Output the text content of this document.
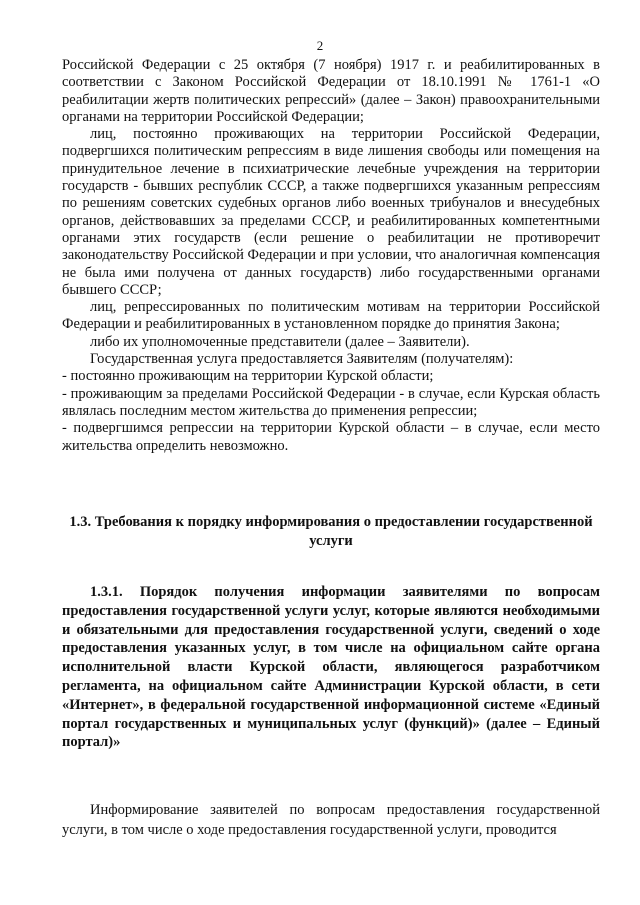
2

Российской Федерации с 25 октября (7 ноября) 1917 г. и реабилитированных в соответствии с Законом Российской Федерации от 18.10.1991 № 1761-1 «О реабилитации жертв политических репрессий» (далее – Закон) правоохранительными органами на территории Российской Федерации;

лиц, постоянно проживающих на территории Российской Федерации, подвергшихся политическим репрессиям в виде лишения свободы или помещения на принудительное лечение в психиатрические лечебные учреждения на территории государств - бывших республик СССР, а также подвергшихся указанным репрессиям по решениям советских судебных органов либо военных трибуналов и внесудебных органов, действовавших за пределами СССР, и реабилитированных компетентными органами этих государств (если решение о реабилитации не противоречит законодательству Российской Федерации и при условии, что аналогичная компенсация не была ими получена от данных государств) либо государственными органами бывшего СССР;

лиц, репрессированных по политическим мотивам на территории Российской Федерации и реабилитированных в установленном порядке до принятия Закона;

либо их уполномоченные представители (далее – Заявители).

Государственная услуга предоставляется Заявителям (получателям):

- постоянно проживающим на территории Курской области;

- проживающим за пределами Российской Федерации - в случае, если Курская область являлась последним местом жительства до применения репрессии;

- подвергшимся репрессии на территории Курской области – в случае, если место жительства определить невозможно.

1.3. Требования к порядку информирования о предоставлении государственной услуги
1.3.1. Порядок получения информации заявителями по вопросам предоставления государственной услуги услуг, которые являются необходимыми и обязательными для предоставления государственной услуги, сведений о ходе предоставления указанных услуг, в том числе на официальном сайте органа исполнительной власти Курской области, являющегося разработчиком регламента, на официальном сайте Администрации Курской области, в сети «Интернет», в федеральной государственной информационной системе «Единый портал государственных и муниципальных услуг (функций)» (далее – Единый портал)»
Информирование заявителей по вопросам предоставления государственной услуги, в том числе о ходе предоставления государственной услуги, проводится
